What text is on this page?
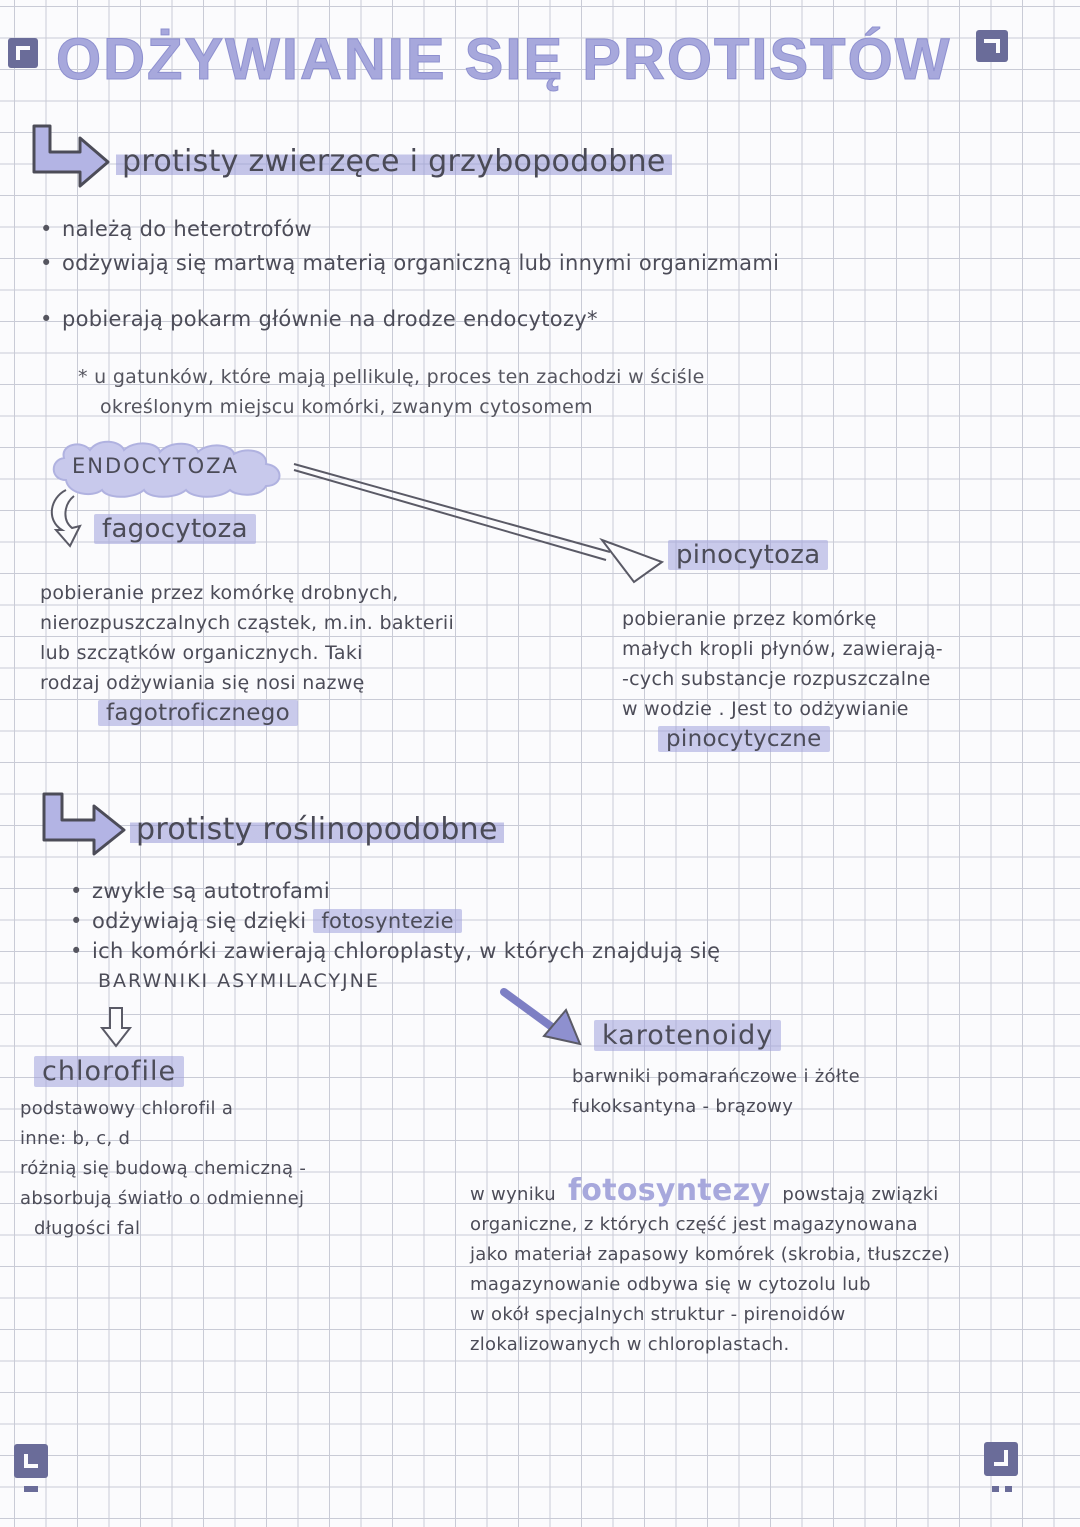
ODŻYWIANIE SIĘ PROTISTÓW
protisty zwierzęce i grzybopodobne
• należą do heterotrofów
• odżywiają się martwą materią organiczną lub innymi organizmami
• pobierają pokarm głównie na drodze endocytozy*
* u gatunków, które mają pellikulę, proces ten zachodzi w ściśle
określonym miejscu komórki, zwanym cytosomem
ENDOCYTOZA
fagocytoza
pobieranie przez komórkę drobnych,
nierozpuszczalnych cząstek, m.in. bakterii
lub szczątków organicznych. Taki
rodzaj odżywiania się nosi nazwę
fagotroficznego
pinocytoza
pobieranie przez komórkę
małych kropli płynów, zawierają-
-cych substancje rozpuszczalne
w wodzie . Jest to odżywianie
pinocytyczne
protisty roślinopodobne
• zwykle są autotrofami
• odżywiają się dzięki fotosyntezie
• ich komórki zawierają chloroplasty, w których znajdują się
BARWNIKI ASYMILACYJNE
chlorofile
podstawowy chlorofil a
inne: b, c, d
różnią się budową chemiczną -
absorbują światło o odmiennej
długości fal
karotenoidy
barwniki pomarańczowe i żółte
fukoksantyna - brązowy
w wyniku fotosyntezy powstają związki
organiczne, z których część jest magazynowana
jako materiał zapasowy komórek (skrobia, tłuszcze)
magazynowanie odbywa się w cytozolu lub
w okół specjalnych struktur - pirenoidów
zlokalizowanych w chloroplastach.
